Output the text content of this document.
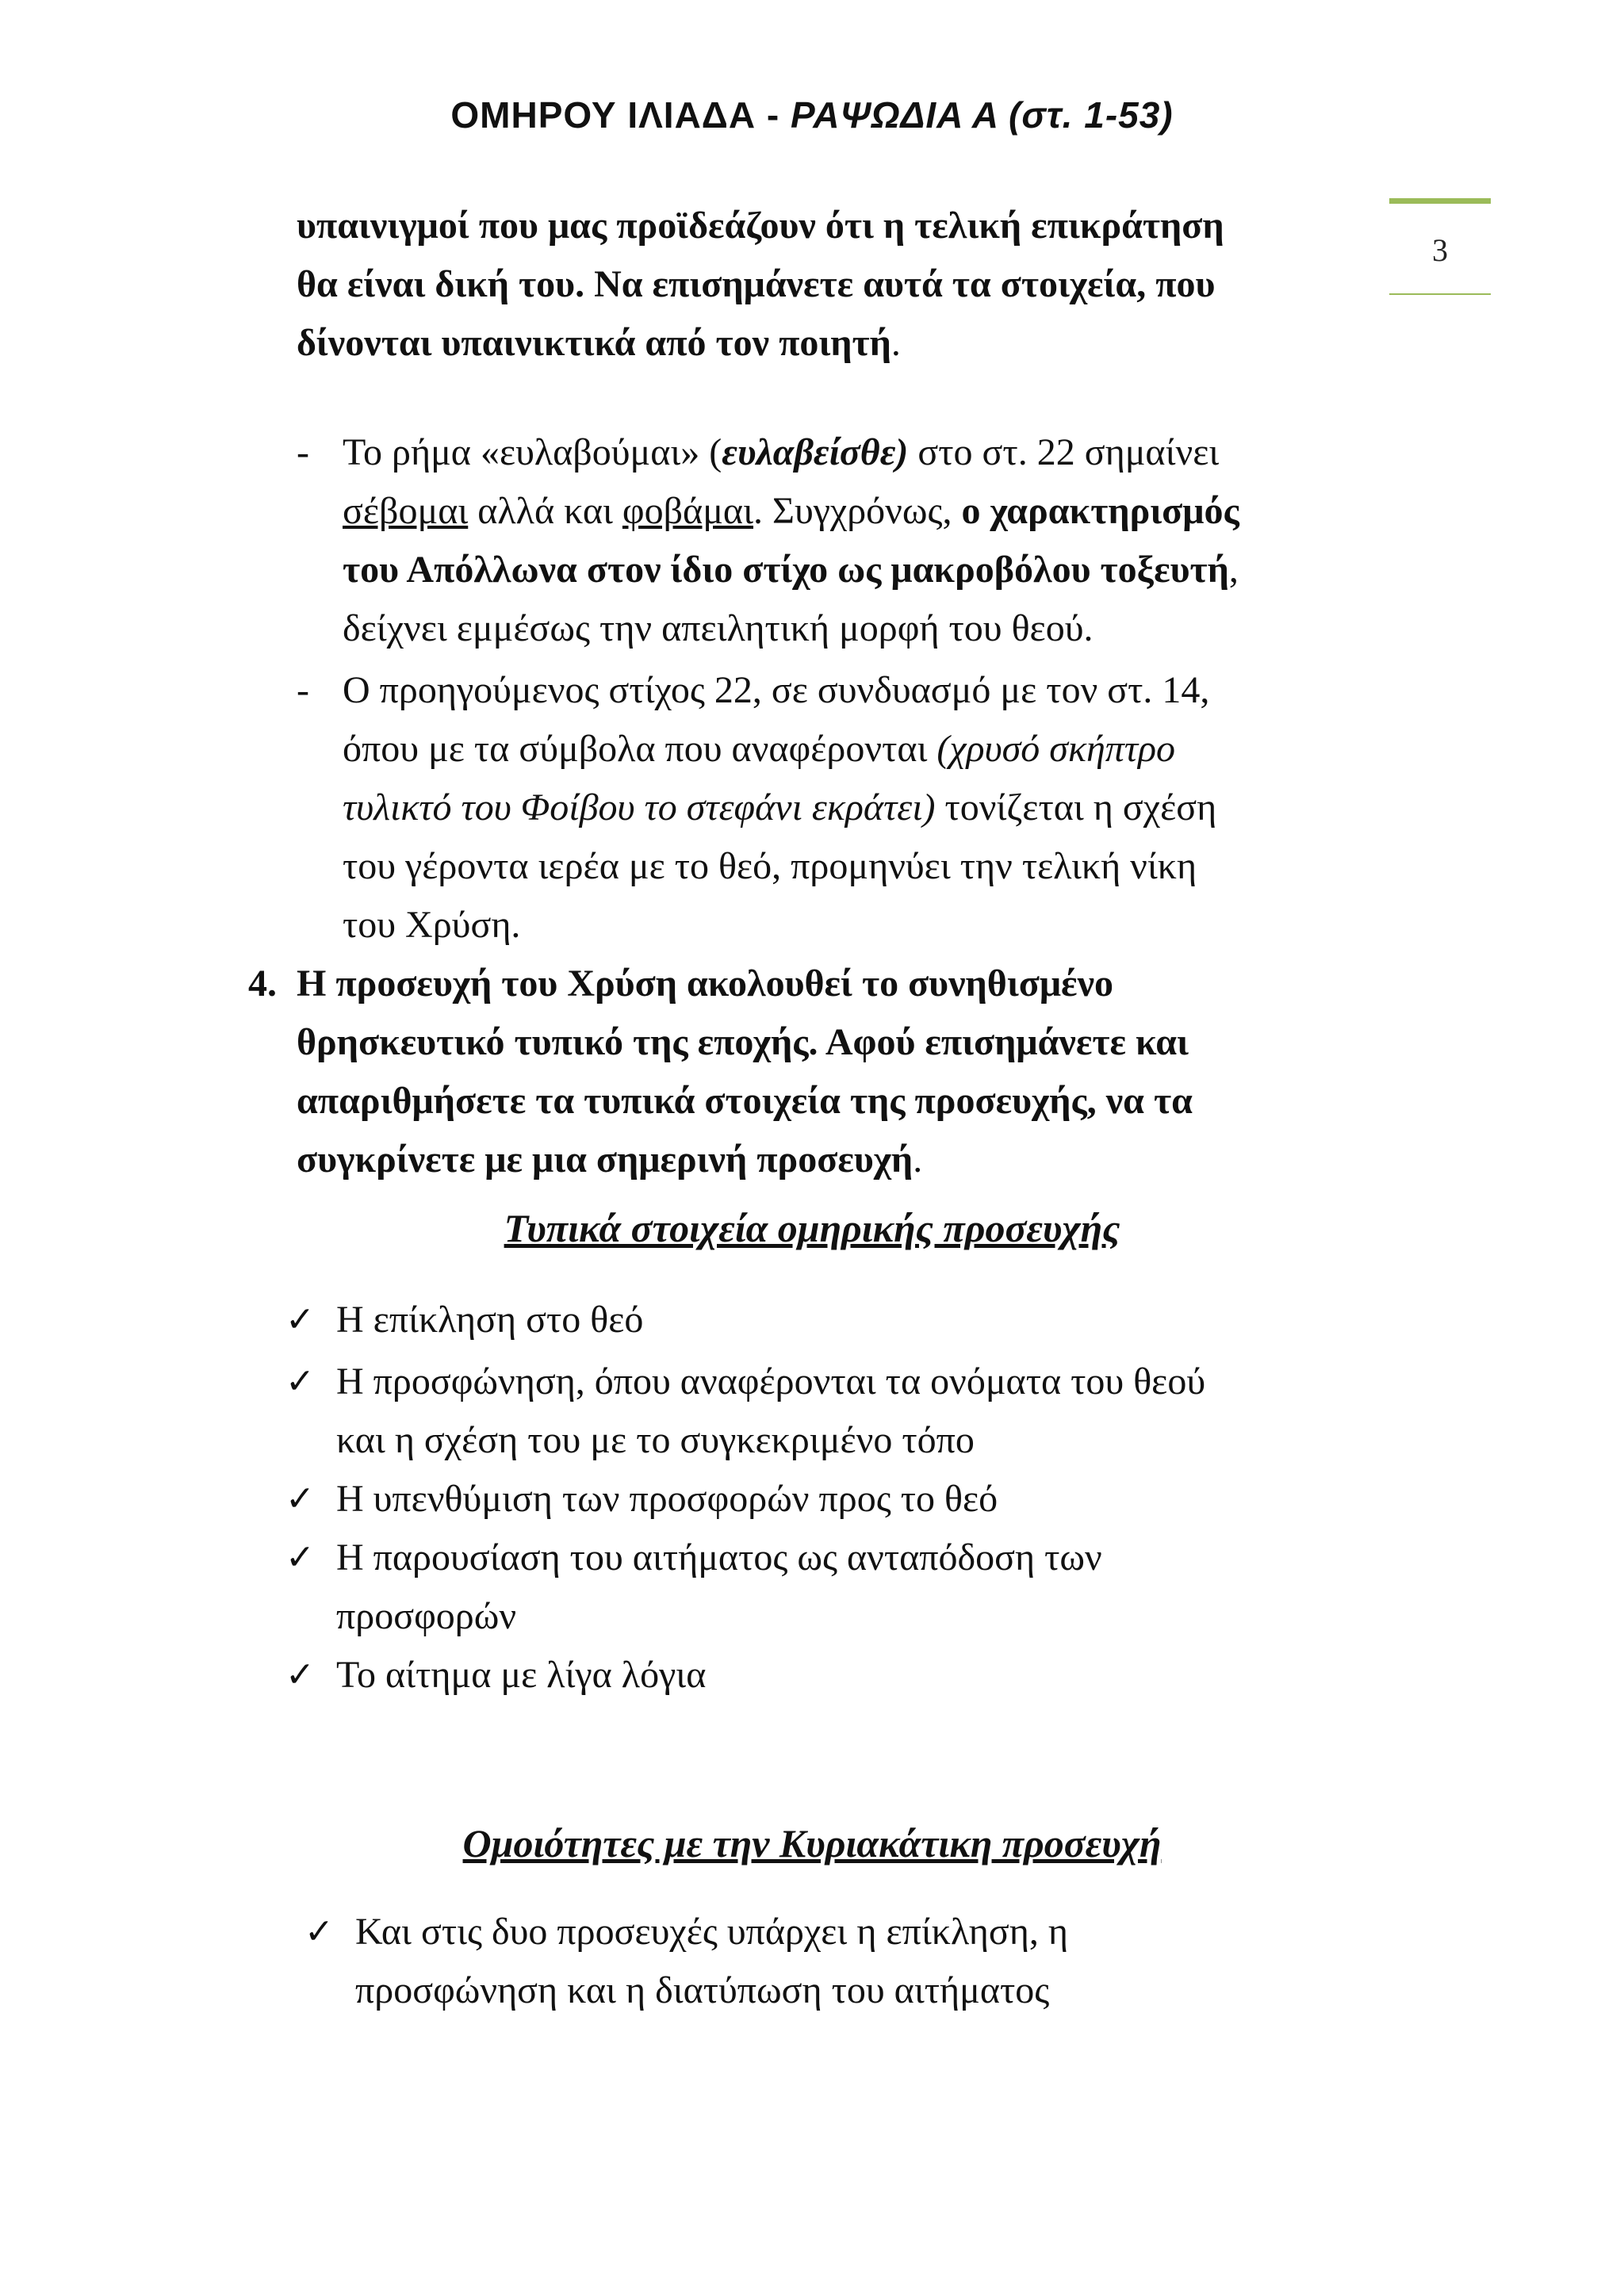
ΟΜΗΡΟΥ ΙΛΙΑΔΑ - ΡΑΨΩΔΙΑ Α (στ. 1-53)
3
υπαινιγμοί που μας προϊδεάζουν ότι η τελική επικράτηση
θα είναι δική του. Να επισημάνετε αυτά τα στοιχεία, που
δίνονται υπαινικτικά από τον ποιητή.
- Το ρήμα «ευλαβούμαι» (ευλαβείσθε) στο στ. 22 σημαίνει
σέβομαι αλλά και φοβάμαι. Συγχρόνως, ο χαρακτηρισμός
του Απόλλωνα στον ίδιο στίχο ως μακροβόλου τοξευτή,
δείχνει εμμέσως την απειλητική μορφή του θεού.
- Ο προηγούμενος στίχος 22, σε συνδυασμό με τον στ. 14,
όπου με τα σύμβολα που αναφέρονται (χρυσό σκήπτρο
τυλικτό του Φοίβου το στεφάνι εκράτει) τονίζεται η σχέση
του γέροντα ιερέα με το θεό, προμηνύει την τελική νίκη
του Χρύση.
4. Η προσευχή του Χρύση ακολουθεί το συνηθισμένο
θρησκευτικό τυπικό της εποχής. Αφού επισημάνετε και
απαριθμήσετε τα τυπικά στοιχεία της προσευχής, να τα
συγκρίνετε με μια σημερινή προσευχή.
Τυπικά στοιχεία ομηρικής προσευχής
✓ Η επίκληση στο θεό
✓ Η προσφώνηση, όπου αναφέρονται τα ονόματα του θεού
και η σχέση του με το συγκεκριμένο τόπο
✓ Η υπενθύμιση των προσφορών προς το θεό
✓ Η παρουσίαση του αιτήματος ως ανταπόδοση των
προσφορών
✓ Το αίτημα με λίγα λόγια
Ομοιότητες με την Κυριακάτικη προσευχή
✓ Και στις δυο προσευχές υπάρχει η επίκληση, η
προσφώνηση και η διατύπωση του αιτήματος
